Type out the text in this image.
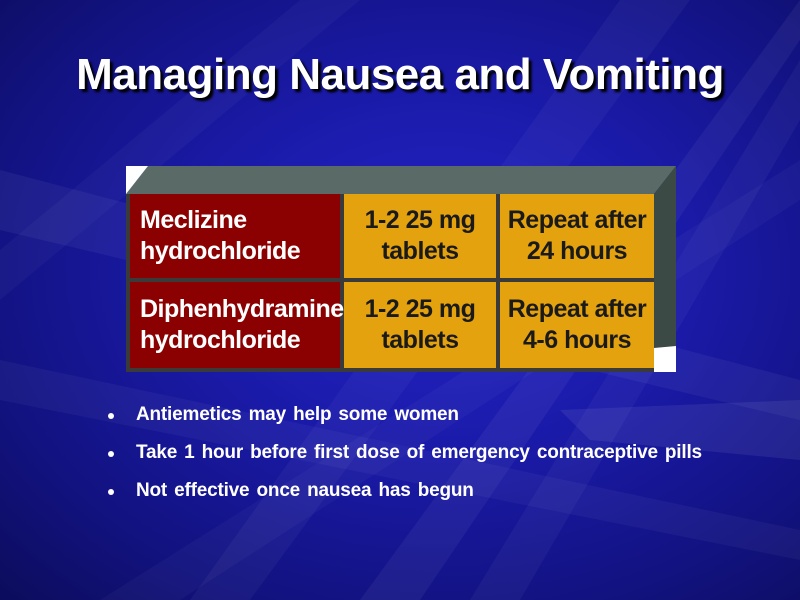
Managing Nausea and Vomiting
Meclizine
hydrochloride
1-2 25 mg
tablets
Repeat after
24 hours
Diphenhydramine
hydrochloride
1-2 25 mg
tablets
Repeat after
4-6 hours
Antiemetics may help some women
Take 1 hour before first dose of emergency contraceptive pills
Not effective once nausea has begun
